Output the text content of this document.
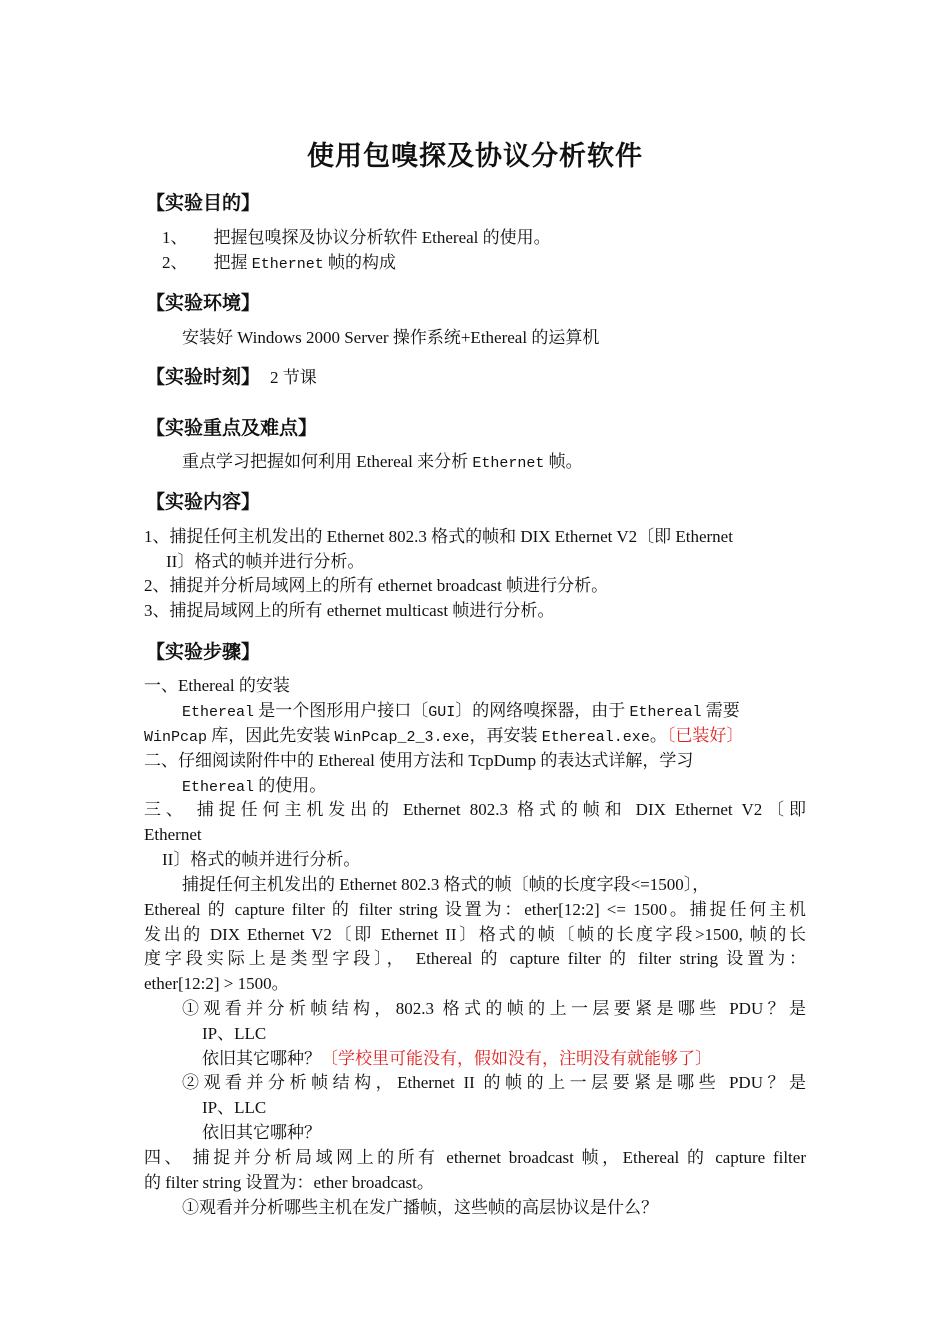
使用包嗅探及协议分析软件
【实验目的】
1、 把握包嗅探及协议分析软件 Ethereal 的使用。
2、 把握 Ethernet 帧的构成
【实验环境】
安装好 Windows 2000 Server 操作系统+Ethereal 的运算机
【实验时刻】 2 节课
【实验重点及难点】
重点学习把握如何利用 Ethereal 来分析 Ethernet 帧。
【实验内容】
1、捕捉任何主机发出的 Ethernet 802.3 格式的帧和 DIX Ethernet V2〔即 Ethernet
II〕格式的帧并进行分析。
2、捕捉并分析局域网上的所有 ethernet broadcast 帧进行分析。
3、捕捉局域网上的所有 ethernet multicast 帧进行分析。
【实验步骤】
一、Ethereal 的安装
Ethereal 是一个图形用户接口〔GUI〕的网络嗅探器，由于 Ethereal 需要
WinPcap 库，因此先安装 WinPcap_2_3.exe，再安装 Ethereal.exe。〔已装好〕
二、仔细阅读附件中的 Ethereal 使用方法和 TcpDump 的表达式详解，学习
Ethereal 的使用。
三、 捕捉任何主机发出的 Ethernet 802.3 格式的帧和 DIX Ethernet V2〔即
Ethernet
II〕格式的帧并进行分析。
捕捉任何主机发出的 Ethernet 802.3 格式的帧〔帧的长度字段<=1500〕，
Ethereal 的 capture filter 的 filter string 设置为：ether[12:2] <= 1500。捕捉任何主机
发出的 DIX Ethernet V2〔即 Ethernet II〕格式的帧〔帧的长度字段>1500, 帧的长
度字段实际上是类型字段〕， Ethereal 的 capture filter 的 filter string 设置为：
ether[12:2] > 1500。
①观看并分析帧结构，802.3 格式的帧的上一层要紧是哪些 PDU？是
IP、LLC
依旧其它哪种？〔学校里可能没有，假如没有，注明没有就能够了〕
②观看并分析帧结构，Ethernet II 的帧的上一层要紧是哪些 PDU？是
IP、LLC
依旧其它哪种？
四、 捕捉并分析局域网上的所有 ethernet broadcast 帧，Ethereal 的 capture filter
的 filter string 设置为：ether broadcast。
①观看并分析哪些主机在发广播帧，这些帧的高层协议是什么？
